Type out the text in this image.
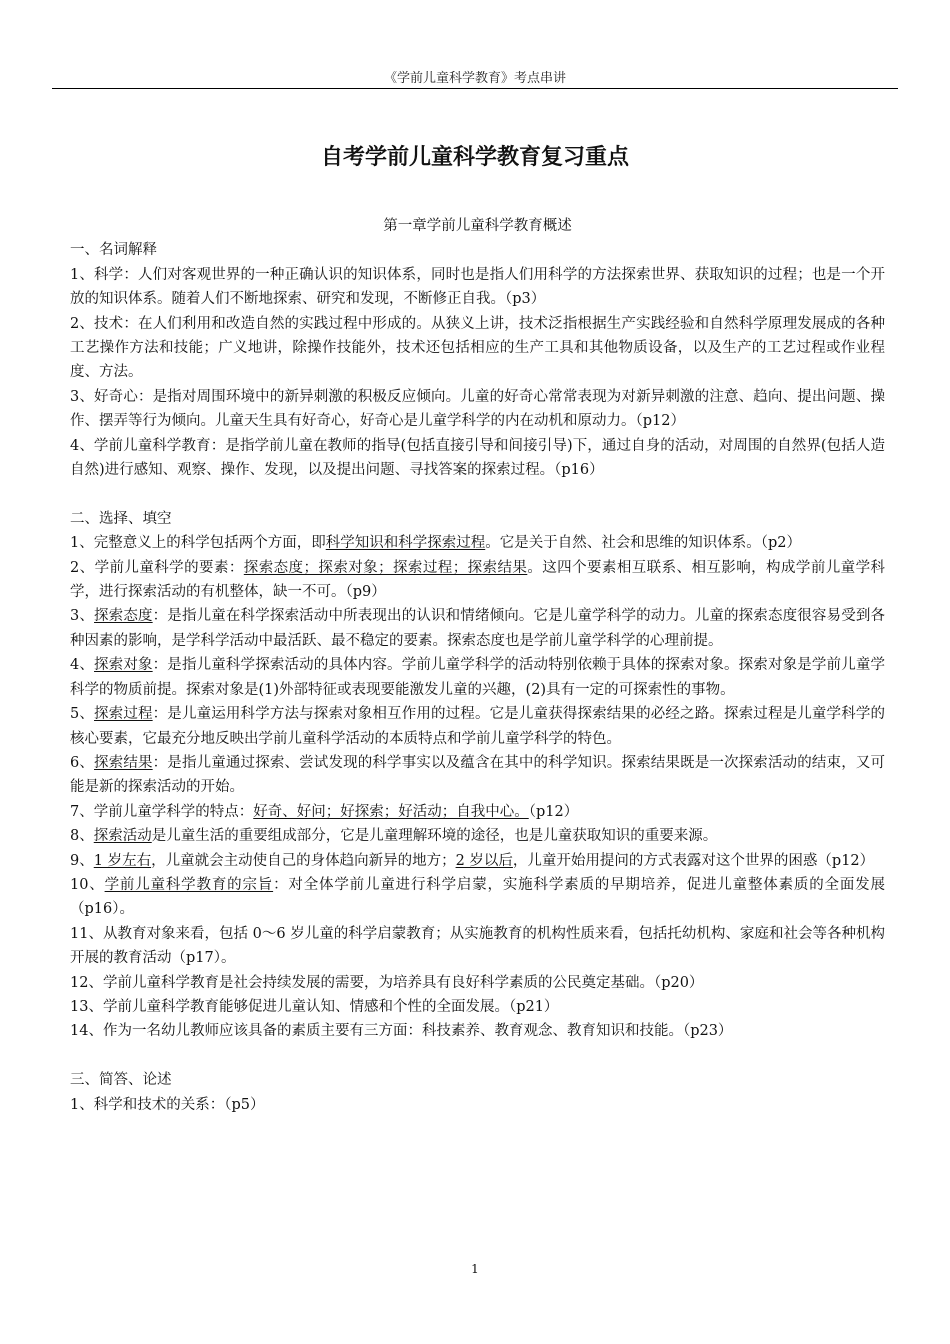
《学前儿童科学教育》考点串讲
自考学前儿童科学教育复习重点

第一章学前儿童科学教育概述

一、名词解释

1、科学：人们对客观世界的一种正确认识的知识体系，同时也是指人们用科学的方法探索世界、获取知识的过程；也是一个开放的知识体系。随着人们不断地探索、研究和发现，不断修正自我。（p3）

2、技术：在人们利用和改造自然的实践过程中形成的。从狭义上讲，技术泛指根据生产实践经验和自然科学原理发展成的各种工艺操作方法和技能；广义地讲，除操作技能外，技术还包括相应的生产工具和其他物质设备，以及生产的工艺过程或作业程度、方法。

3、好奇心：是指对周围环境中的新异刺激的积极反应倾向。儿童的好奇心常常表现为对新异刺激的注意、趋向、提出问题、操作、摆弄等行为倾向。儿童天生具有好奇心，好奇心是儿童学科学的内在动机和原动力。（p12）

4、学前儿童科学教育：是指学前儿童在教师的指导(包括直接引导和间接引导)下，通过自身的活动，对周围的自然界(包括人造自然)进行感知、观察、操作、发现，以及提出问题、寻找答案的探索过程。（p16）

二、选择、填空

1、完整意义上的科学包括两个方面，即科学知识和科学探索过程。它是关于自然、社会和思维的知识体系。（p2）

2、学前儿童科学的要素：探索态度；探索对象；探索过程；探索结果。这四个要素相互联系、相互影响，构成学前儿童学科学，进行探索活动的有机整体，缺一不可。（p9）

3、探索态度：是指儿童在科学探索活动中所表现出的认识和情绪倾向。它是儿童学科学的动力。儿童的探索态度很容易受到各种因素的影响，是学科学活动中最活跃、最不稳定的要素。探索态度也是学前儿童学科学的心理前提。

4、探索对象：是指儿童科学探索活动的具体内容。学前儿童学科学的活动特别依赖于具体的探索对象。探索对象是学前儿童学科学的物质前提。探索对象是(1)外部特征或表现要能激发儿童的兴趣，(2)具有一定的可探索性的事物。

5、探索过程：是儿童运用科学方法与探索对象相互作用的过程。它是儿童获得探索结果的必经之路。探索过程是儿童学科学的核心要素，它最充分地反映出学前儿童科学活动的本质特点和学前儿童学科学的特色。

6、探索结果：是指儿童通过探索、尝试发现的科学事实以及蕴含在其中的科学知识。探索结果既是一次探索活动的结束，又可能是新的探索活动的开始。

7、学前儿童学科学的特点：好奇、好问；好探索；好活动；自我中心。（p12）

8、探索活动是儿童生活的重要组成部分，它是儿童理解环境的途径，也是儿童获取知识的重要来源。

9、1 岁左右，儿童就会主动使自己的身体趋向新异的地方；2 岁以后，儿童开始用提问的方式表露对这个世界的困惑（p12）

10、学前儿童科学教育的宗旨：对全体学前儿童进行科学启蒙，实施科学素质的早期培养，促进儿童整体素质的全面发展（p16）。

11、从教育对象来看，包括 0～6 岁儿童的科学启蒙教育；从实施教育的机构性质来看，包括托幼机构、家庭和社会等各种机构开展的教育活动（p17）。

12、学前儿童科学教育是社会持续发展的需要，为培养具有良好科学素质的公民奠定基础。（p20）

13、学前儿童科学教育能够促进儿童认知、情感和个性的全面发展。（p21）

14、作为一名幼儿教师应该具备的素质主要有三方面：科技素养、教育观念、教育知识和技能。（p23）

三、简答、论述

1、科学和技术的关系：（p5）

1
